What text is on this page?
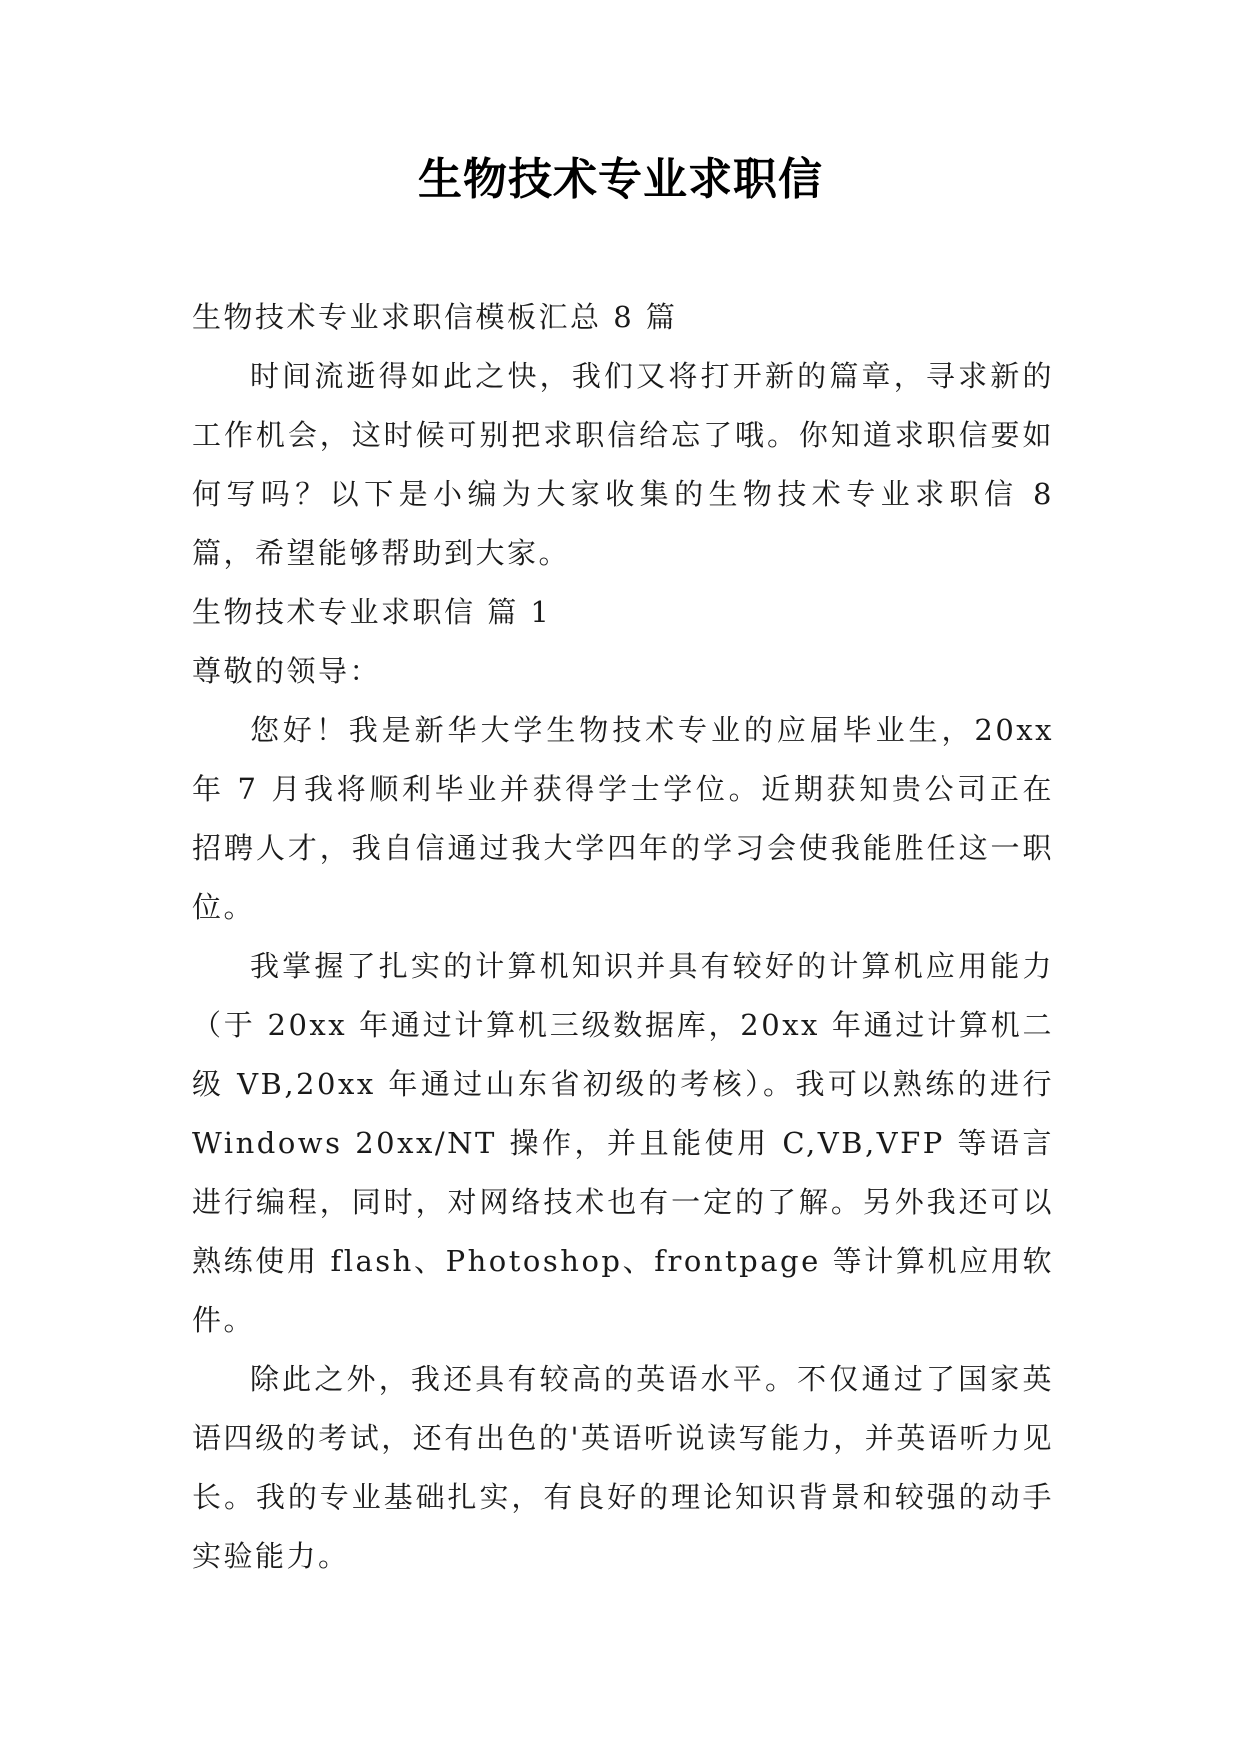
生物技术专业求职信

生物技术专业求职信模板汇总 8 篇

时间流逝得如此之快，我们又将打开新的篇章，寻求新的工作机会，这时候可别把求职信给忘了哦。你知道求职信要如何写吗？以下是小编为大家收集的生物技术专业求职信 8 篇，希望能够帮助到大家。

生物技术专业求职信 篇 1

尊敬的领导：

您好！我是新华大学生物技术专业的应届毕业生，20xx年 7 月我将顺利毕业并获得学士学位。近期获知贵公司正在招聘人才，我自信通过我大学四年的学习会使我能胜任这一职位。

我掌握了扎实的计算机知识并具有较好的计算机应用能力（于 20xx 年通过计算机三级数据库，20xx 年通过计算机二级 VB,20xx 年通过山东省初级的考核）。我可以熟练的进行 Windows 20xx/NT 操作，并且能使用 C,VB,VFP 等语言进行编程，同时，对网络技术也有一定的了解。另外我还可以熟练使用 flash、Photoshop、frontpage 等计算机应用软件。

除此之外，我还具有较高的英语水平。不仅通过了国家英语四级的考试，还有出色的'英语听说读写能力，并英语听力见长。我的专业基础扎实，有良好的理论知识背景和较强的动手实验能力。
